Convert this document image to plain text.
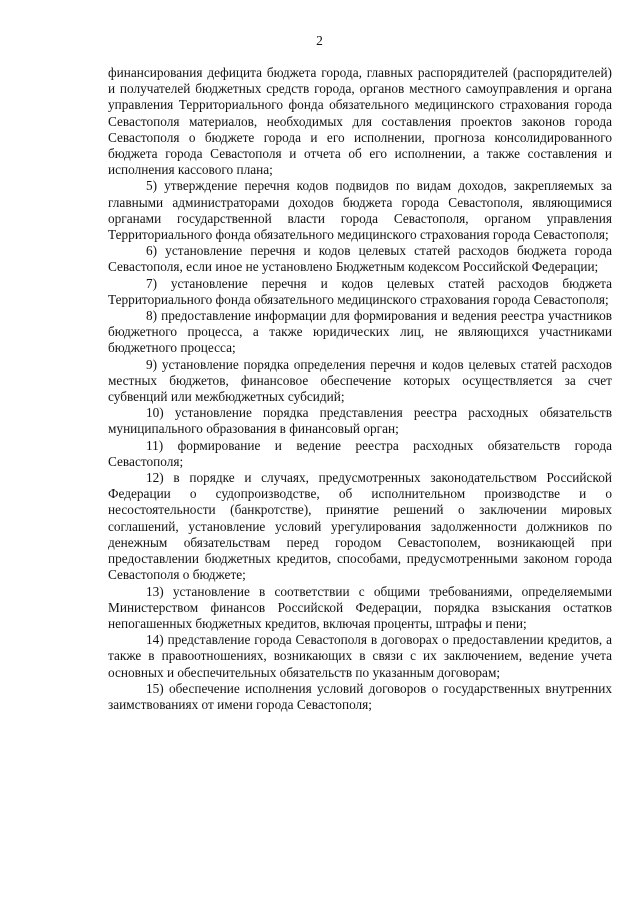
2

финансирования дефицита бюджета города, главных распорядителей (распорядителей) и получателей бюджетных средств города, органов местного самоуправления и органа управления Территориального фонда обязательного медицинского страхования города Севастополя материалов, необходимых для составления проектов законов города Севастополя о бюджете города и его исполнении, прогноза консолидированного бюджета города Севастополя и отчета об его исполнении, а также составления и исполнения кассового плана;

5) утверждение перечня кодов подвидов по видам доходов, закрепляемых за главными администраторами доходов бюджета города Севастополя, являющимися органами государственной власти города Севастополя, органом управления Территориального фонда обязательного медицинского страхования города Севастополя;

6) установление перечня и кодов целевых статей расходов бюджета города Севастополя, если иное не установлено Бюджетным кодексом Российской Федерации;

7) установление перечня и кодов целевых статей расходов бюджета Территориального фонда обязательного медицинского страхования города Севастополя;

8) предоставление информации для формирования и ведения реестра участников бюджетного процесса, а также юридических лиц, не являющихся участниками бюджетного процесса;

9) установление порядка определения перечня и кодов целевых статей расходов местных бюджетов, финансовое обеспечение которых осуществляется за счет субвенций или межбюджетных субсидий;

10) установление порядка представления реестра расходных обязательств муниципального образования в финансовый орган;

11) формирование и ведение реестра расходных обязательств города Севастополя;

12) в порядке и случаях, предусмотренных законодательством Российской Федерации о судопроизводстве, об исполнительном производстве и о несостоятельности (банкротстве), принятие решений о заключении мировых соглашений, установление условий урегулирования задолженности должников по денежным обязательствам перед городом Севастополем, возникающей при предоставлении бюджетных кредитов, способами, предусмотренными законом города Севастополя о бюджете;

13) установление в соответствии с общими требованиями, определяемыми Министерством финансов Российской Федерации, порядка взыскания остатков непогашенных бюджетных кредитов, включая проценты, штрафы и пени;

14) представление города Севастополя в договорах о предоставлении кредитов, а также в правоотношениях, возникающих в связи с их заключением, ведение учета основных и обеспечительных обязательств по указанным договорам;

15) обеспечение исполнения условий договоров о государственных внутренних заимствованиях от имени города Севастополя;
